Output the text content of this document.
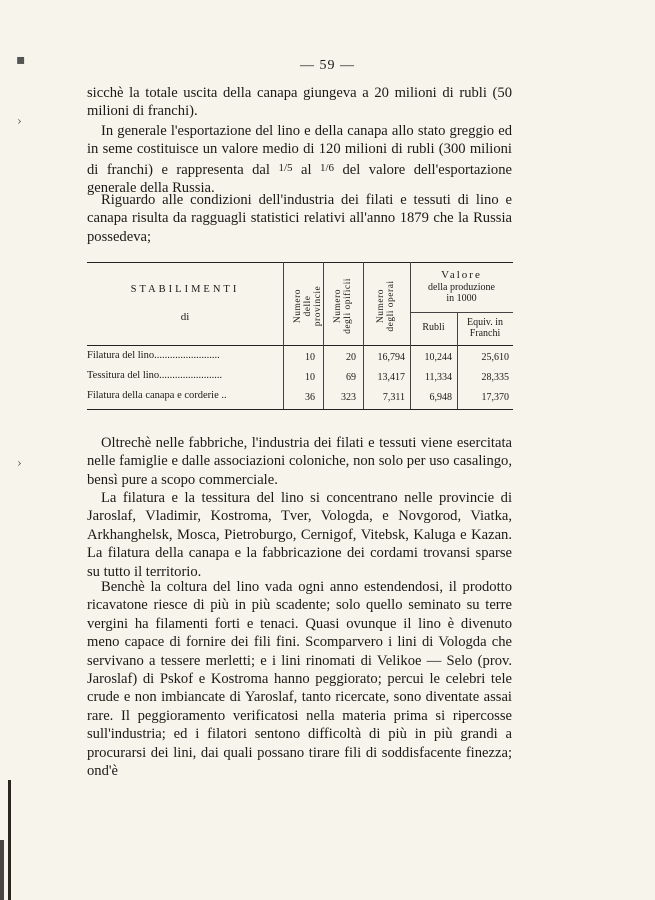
— 59 —

sicchè la totale uscita della canapa giungeva a 20 milioni di rubli (50 milioni di franchi).

In generale l'esportazione del lino e della canapa allo stato greggio ed in seme costituisce un valore medio di 120 milioni di rubli (300 milioni di franchi) e rappresenta dal $^{1/5}$ al $^{1/6}$ del valore dell'esportazione generale della Russia.

Riguardo alle condizioni dell'industria dei filati e tessuti di lino e canapa risulta da ragguagli statistici relativi all'anno 1879 che la Russia possedeva;

STABILIMENTI
di	Numero delle provincie Numero degli opificii Numero degli operai
Valore
della produzione
in 1000
Rubli	Equiv. in
Franchi
Filatura del lino.........................	10	20	16,794	10,244	25,610
Tessitura del lino........................	10	69	13,417	11,334	28,335
Filatura della canapa e corderie ..	36	323	7,311	6,948	17,370

Oltrechè nelle fabbriche, l'industria dei filati e tessuti viene esercitata nelle famiglie e dalle associazioni coloniche, non solo per uso casalingo, bensì pure a scopo commerciale.

La filatura e la tessitura del lino si concentrano nelle provincie di Jaroslaf, Vladimir, Kostroma, Tver, Vologda, e Novgorod, Viatka, Arkhanghelsk, Mosca, Pietroburgo, Cernigof, Vitebsk, Kaluga e Kazan. La filatura della canapa e la fabbricazione dei cordami trovansi sparse su tutto il territorio.

Benchè la coltura del lino vada ogni anno estendendosi, il prodotto ricavatone riesce di più in più scadente; solo quello seminato su terre vergini ha filamenti forti e tenaci. Quasi ovunque il lino è divenuto meno capace di fornire dei fili fini. Scomparvero i lini di Vologda che servivano a tessere merletti; e i lini rinomati di Velikoe — Selo (prov. Jaroslaf) di Pskof e Kostroma hanno peggiorato; percui le celebri tele crude e non imbiancate di Yaroslaf, tanto ricercate, sono diventate assai rare. Il peggioramento verificatosi nella materia prima si ripercosse sull'industria; ed i filatori sentono difficoltà di più in più grandi a procurarsi dei lini, dai quali possano tirare fili di soddisfacente finezza; ond'è

▪
›
›
